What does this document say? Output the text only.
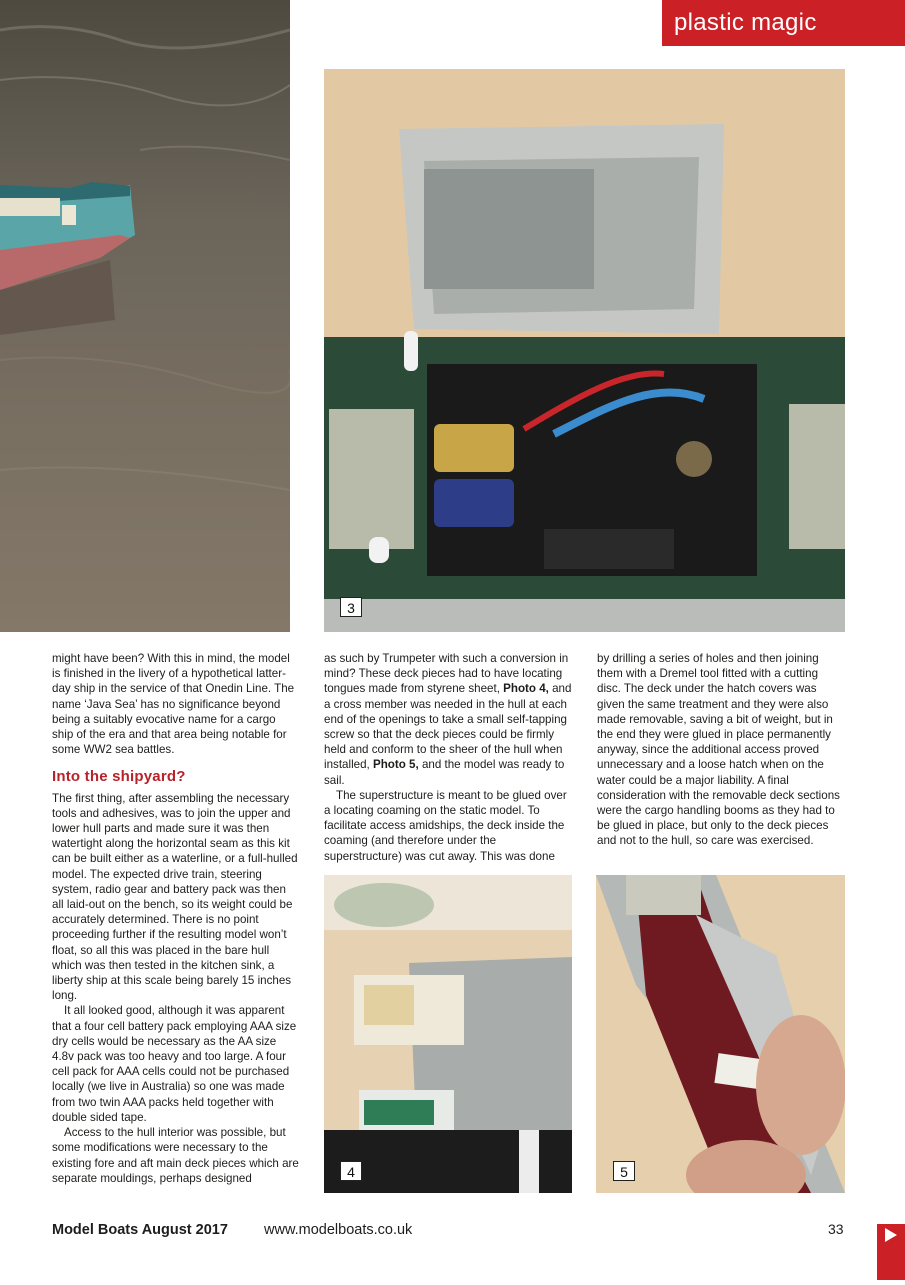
plastic magic
3
4	5

might have been? With this in mind, the model is finished in the livery of a hypothetical latter-day ship in the service of that Onedin Line. The name ‘Java Sea’ has no significance beyond being a suitably evocative name for a cargo ship of the era and that area being notable for some WW2 sea battles.

Into the shipyard?

The first thing, after assembling the necessary tools and adhesives, was to join the upper and lower hull parts and made sure it was then watertight along the horizontal seam as this kit can be built either as a waterline, or a full-hulled model. The expected drive train, steering system, radio gear and battery pack was then all laid-out on the bench, so its weight could be accurately determined. There is no point proceeding further if the resulting model won’t float, so all this was placed in the bare hull which was then tested in the kitchen sink, a liberty ship at this scale being barely 15 inches long.

It all looked good, although it was apparent that a four cell battery pack employing AAA size dry cells would be necessary as the AA size 4.8v pack was too heavy and too large. A four cell pack for AAA cells could not be purchased locally (we live in Australia) so one was made from two twin AAA packs held together with double sided tape.

Access to the hull interior was possible, but some modifications were necessary to the existing fore and aft main deck pieces which are separate mouldings, perhaps designed

as such by Trumpeter with such a conversion in mind? These deck pieces had to have locating tongues made from styrene sheet, Photo 4, and a cross member was needed in the hull at each end of the openings to take a small self-tapping screw so that the deck pieces could be firmly held and conform to the sheer of the hull when installed, Photo 5, and the model was ready to sail.

The superstructure is meant to be glued over a locating coaming on the static model. To facilitate access amidships, the deck inside the coaming (and therefore under the superstructure) was cut away. This was done

by drilling a series of holes and then joining them with a Dremel tool fitted with a cutting disc. The deck under the hatch covers was given the same treatment and they were also made removable, saving a bit of weight, but in the end they were glued in place permanently anyway, since the additional access proved unnecessary and a loose hatch when on the water could be a major liability. A final consideration with the removable deck sections were the cargo handling booms as they had to be glued in place, but only to the deck pieces and not to the hull, so care was exercised.

Model Boats August 2017 www.modelboats.co.uk	33
